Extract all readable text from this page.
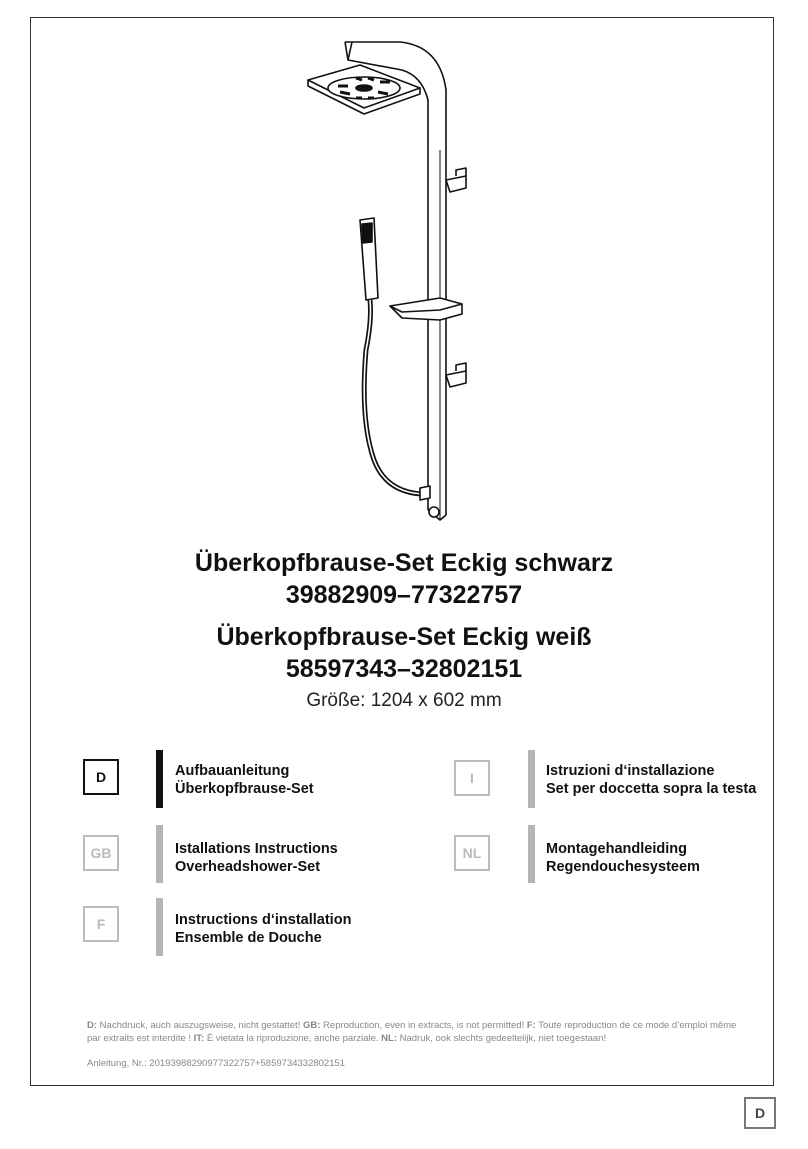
Überkopfbrause-Set Eckig schwarz
39882909–77322757
Überkopfbrause-Set Eckig weiß
58597343–32802151
Größe: 1204 x 602 mm
D	Aufbauanleitung
Überkopfbrause-Set
I	Istruzioni d‘installazione
Set per doccetta sopra la testa
GB	Istallations Instructions
Overheadshower-Set
NL	Montagehandleiding
Regendouchesysteem
F	Instructions d‘installation
Ensemble de Douche
D: Nachdruck, auch auszugsweise, nicht gestattet! GB: Reproduction, even in extracts, is not permitted! F: Toute reproduction de ce mode d’emploi même par extraits est interdite ! IT: È vietata la riproduzione, anche parziale. NL: Nadruk, ook slechts gedeeltelijk, niet toegestaan!
Anleitung, Nr.: 2019398829097732​2757+58597343328021​51
D
